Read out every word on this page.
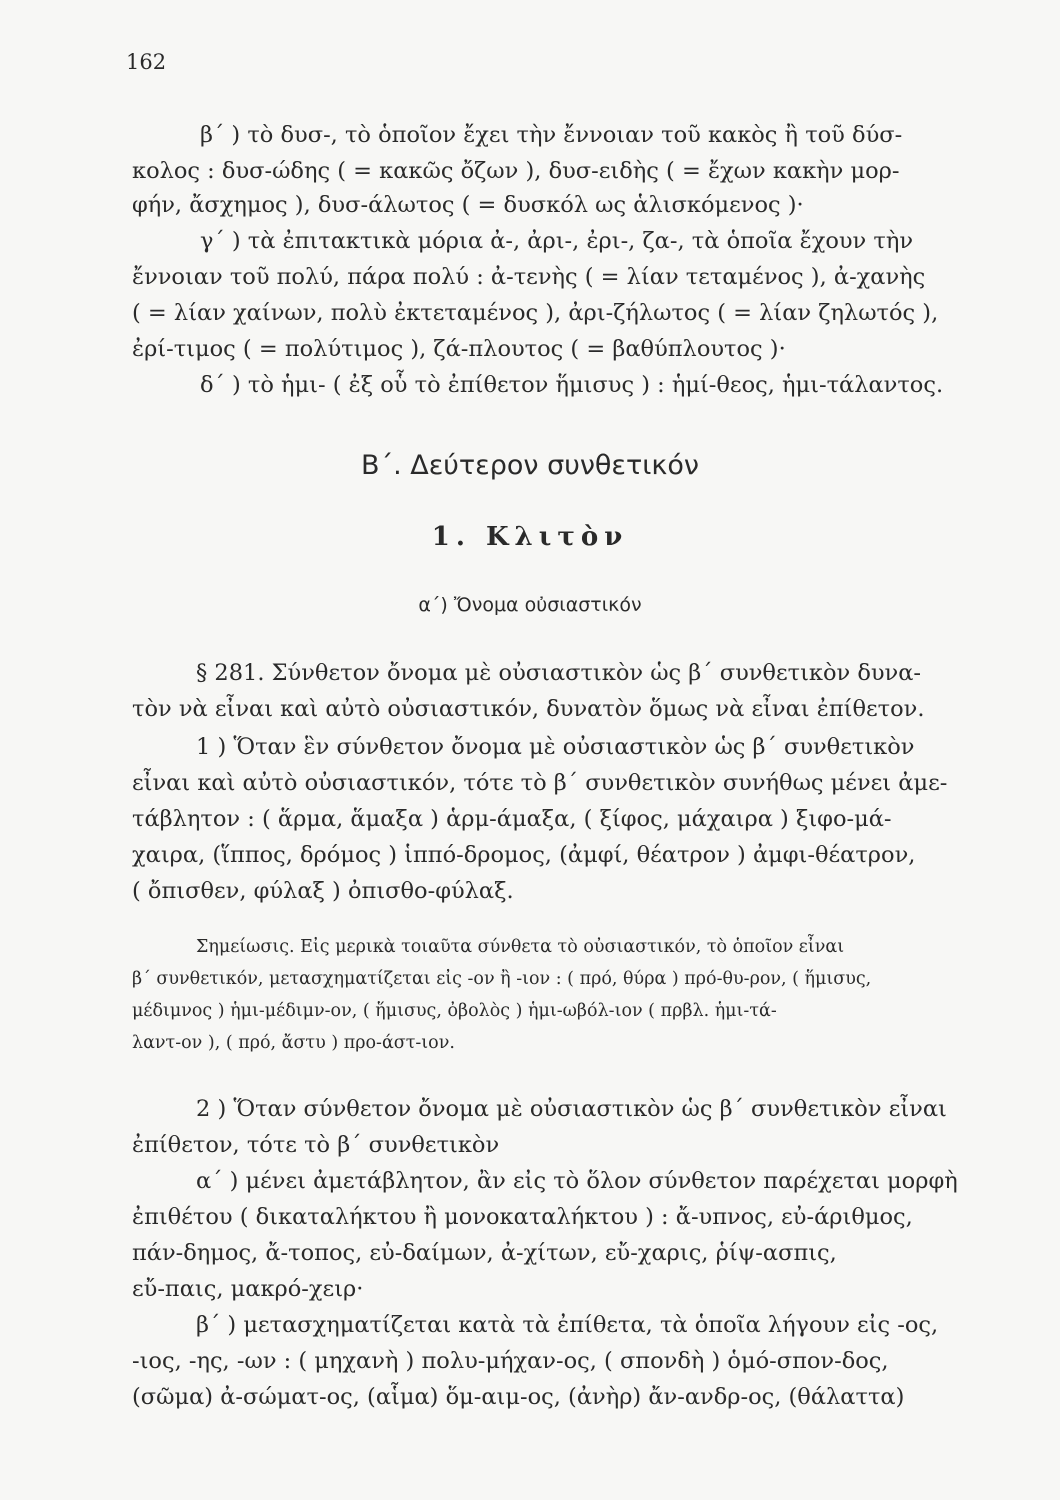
162
β΄ ) τὸ δυσ-, τὸ ὁποῖον ἔχει τὴν ἔννοιαν τοῦ κακὸς ἢ τοῦ δύσ-
κολος : δυσ-ώδης ( = κακῶς ὄζων ), δυσ-ειδὴς ( = ἔχων κακὴν μορ-
φήν, ἄσχημος ), δυσ-άλωτος ( = δυσκόλ ως ἁλισκόμενος )·
γ΄ ) τὰ ἐπιτακτικὰ μόρια ἀ-, ἀρι-, ἐρι-, ζα-, τὰ ὁποῖα ἔχουν τὴν
ἔννοιαν τοῦ πολύ, πάρα πολύ : ἀ-τενὴς ( = λίαν τεταμένος ), ἀ-χανὴς
( = λίαν χαίνων, πολὺ ἐκτεταμένος ), ἀρι-ζήλωτος ( = λίαν ζηλωτός ),
ἐρί-τιμος ( = πολύτιμος ), ζά-πλουτος ( = βαθύπλουτος )·
δ΄ ) τὸ ἡμι- ( ἐξ οὗ τὸ ἐπίθετον ἥμισυς ) : ἡμί-θεος, ἡμι-τάλαντος.
Β΄. Δεύτερον συνθετικόν
1. Κλιτὸν
α΄) Ὄνομα οὐσιαστικόν
§ 281. Σύνθετον ὄνομα μὲ οὐσιαστικὸν ὡς β΄ συνθετικὸν δυνα-
τὸν νὰ εἶναι καὶ αὐτὸ οὐσιαστικόν, δυνατὸν ὅμως νὰ εἶναι ἐπίθετον.
1 ) Ὅταν ἓν σύνθετον ὄνομα μὲ οὐσιαστικὸν ὡς β΄ συνθετικὸν
εἶναι καὶ αὐτὸ οὐσιαστικόν, τότε τὸ β΄ συνθετικὸν συνήθως μένει ἀμε-
τάβλητον : ( ἅρμα, ἅμαξα ) ἁρμ-άμαξα, ( ξίφος, μάχαιρα ) ξιφο-μά-
χαιρα, (ἵππος, δρόμος ) ἱππό-δρομος, (ἀμφί, θέατρον ) ἀμφι-θέατρον,
( ὄπισθεν, φύλαξ ) ὀπισθο-φύλαξ.
Σημείωσις. Εἰς μερικὰ τοιαῦτα σύνθετα τὸ οὐσιαστικόν, τὸ ὁποῖον εἶναι
β΄ συνθετικόν, μετασχηματίζεται εἰς -ον ἢ -ιον : ( πρό, θύρα ) πρό-θυ-ρον, ( ἥμισυς,
μέδιμνος ) ἡμι-μέδιμν-ον, ( ἥμισυς, ὀβολὸς ) ἡμι-ωβόλ-ιον ( πρβλ. ἡμι-τά-
λαντ-ον ), ( πρό, ἄστυ ) προ-άστ-ιον.
2 ) Ὅταν σύνθετον ὄνομα μὲ οὐσιαστικὸν ὡς β΄ συνθετικὸν εἶναι
ἐπίθετον, τότε τὸ β΄ συνθετικὸν
α΄ ) μένει ἀμετάβλητον, ἂν εἰς τὸ ὅλον σύνθετον παρέχεται μορφὴ
ἐπιθέτου ( δικαταλήκτου ἢ μονοκαταλήκτου ) : ἄ-υπνος, εὐ-άριθμος,
πάν-δημος, ἄ-τοπος, εὐ-δαίμων, ἀ-χίτων, εὔ-χαρις, ῥίψ-ασπις,
εὔ-παις, μακρό-χειρ·
β΄ ) μετασχηματίζεται κατὰ τὰ ἐπίθετα, τὰ ὁποῖα λήγουν εἰς -ος,
-ιος, -ης, -ων : ( μηχανὴ ) πολυ-μήχαν-ος, ( σπονδὴ ) ὁμό-σπον-δος,
(σῶμα) ἀ-σώματ-ος, (αἷμα) ὅμ-αιμ-ος, (ἀνὴρ) ἄν-ανδρ-ος, (θάλαττα)
